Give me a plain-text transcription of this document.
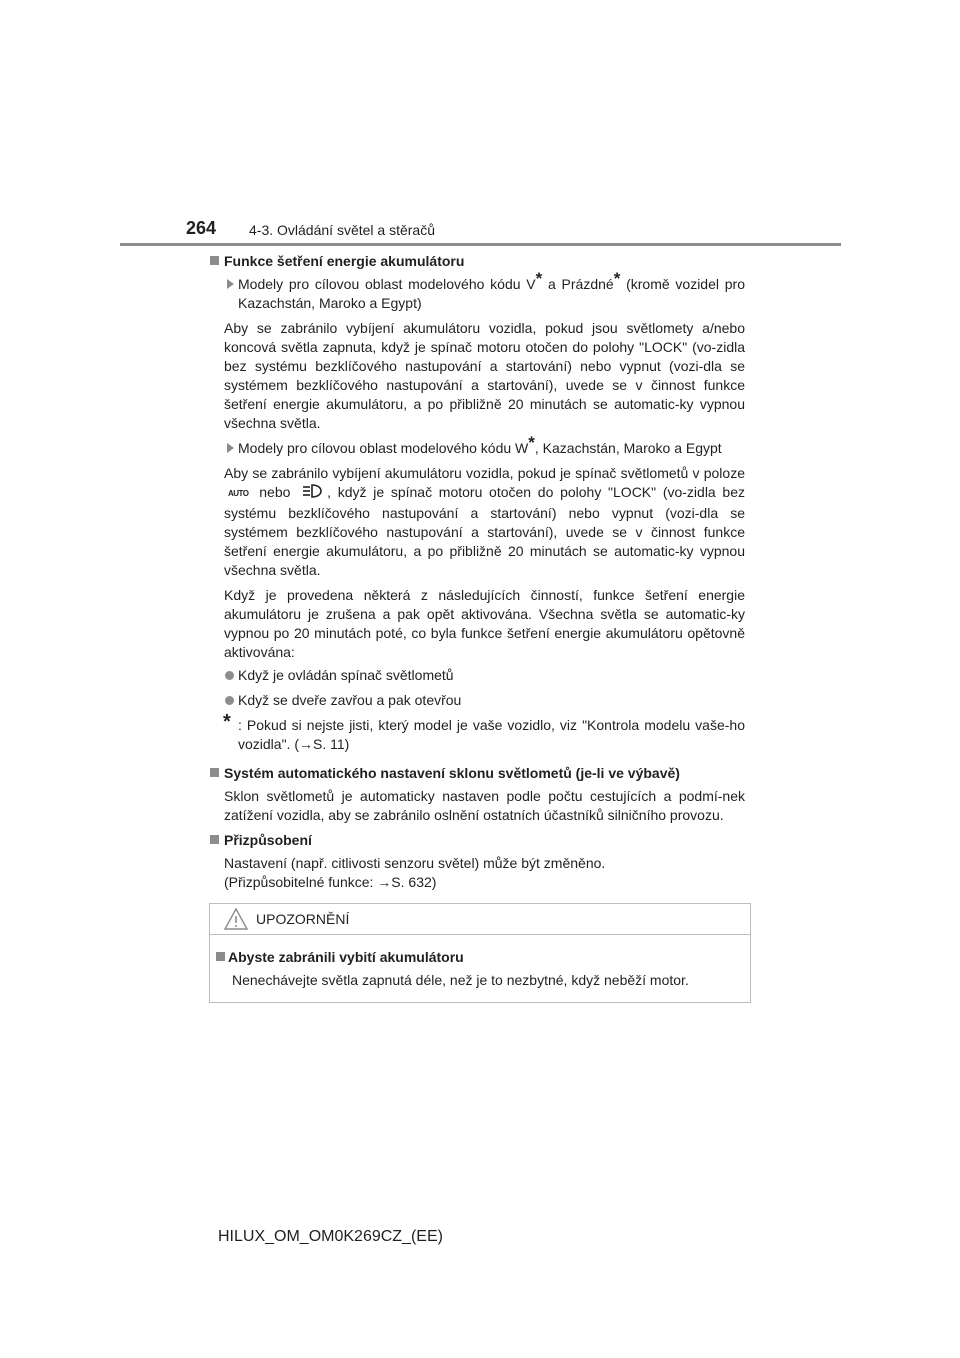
264 4-3. Ovládání světel a stěračů
Funkce šetření energie akumulátoru
Modely pro cílovou oblast modelového kódu V* a Prázdné* (kromě vozidel pro Kazachstán, Maroko a Egypt)
Aby se zabránilo vybíjení akumulátoru vozidla, pokud jsou světlomety a/nebo koncová světla zapnuta, když je spínač motoru otočen do polohy "LOCK" (vo-zidla bez systému bezklíčového nastupování a startování) nebo vypnut (vozi-dla se systémem bezklíčového nastupování a startování), uvede se v činnost funkce šetření energie akumulátoru, a po přibližně 20 minutách se automatic-ky vypnou všechna světla.
Modely pro cílovou oblast modelového kódu W*, Kazachstán, Maroko a Egypt
Aby se zabránilo vybíjení akumulátoru vozidla, pokud je spínač světlometů v poloze AUTO nebo	, když je spínač motoru otočen do polohy "LOCK" (vo-zidla bez systému bezklíčového nastupování a startování) nebo vypnut (vozi-dla se systémem bezklíčového nastupování a startování), uvede se v činnost funkce šetření energie akumulátoru, a po přibližně 20 minutách se automatic-ky vypnou všechna světla.
Když je provedena některá z následujících činností, funkce šetření energie akumulátoru je zrušena a pak opět aktivována. Všechna světla se automatic-ky vypnou po 20 minutách poté, co byla funkce šetření energie akumulátoru opětovně aktivována:
Když je ovládán spínač světlometů
Když se dveře zavřou a pak otevřou
* : Pokud si nejste jisti, který model je vaše vozidlo, viz "Kontrola modelu vaše-ho vozidla". (→S. 11)
Systém automatického nastavení sklonu světlometů (je-li ve výbavě)
Sklon světlometů je automaticky nastaven podle počtu cestujících a podmí-nek zatížení vozidla, aby se zabránilo oslnění ostatních účastníků silničního provozu.
Přizpůsobení
Nastavení (např. citlivosti senzoru světel) může být změněno.
(Přizpůsobitelné funkce: →S. 632)
UPOZORNĚNÍ
Abyste zabránili vybití akumulátoru
Nenechávejte světla zapnutá déle, než je to nezbytné, když neběží motor.
HILUX_OM_OM0K269CZ_(EE)
